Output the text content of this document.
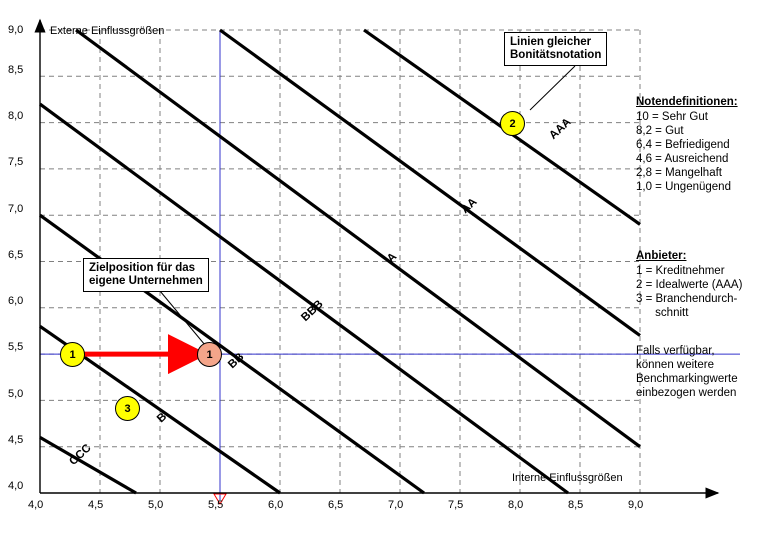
5,5
4,0
4,5
5,0
6,0
6,5
7,0
7,5
8,0
8,5
9,0
4,0	4,5	5,0	5,5	6,0	6,5	7,0	7,5	8,0	8,5	9,0
Externe Einflussgrößen
Interne Einflussgrößen
CCC
B
BB
BBB
A
AA
AAA
Linien gleicher
Bonitätsnotation
Zielposition für das
eigene Unternehmen
1	1
2
3
Notendefinitionen:
10 = Sehr Gut
8,2 = Gut
6,4 = Befriedigend
4,6 = Ausreichend
2,8 = Mangelhaft
1,0 = Ungenügend
Anbieter:
1 = Kreditnehmer
2 = Idealwerte (AAA)
3 = Branchendurch-
schnitt
Falls verfügbar,
können weitere
Benchmarkingwerte
einbezogen werden
